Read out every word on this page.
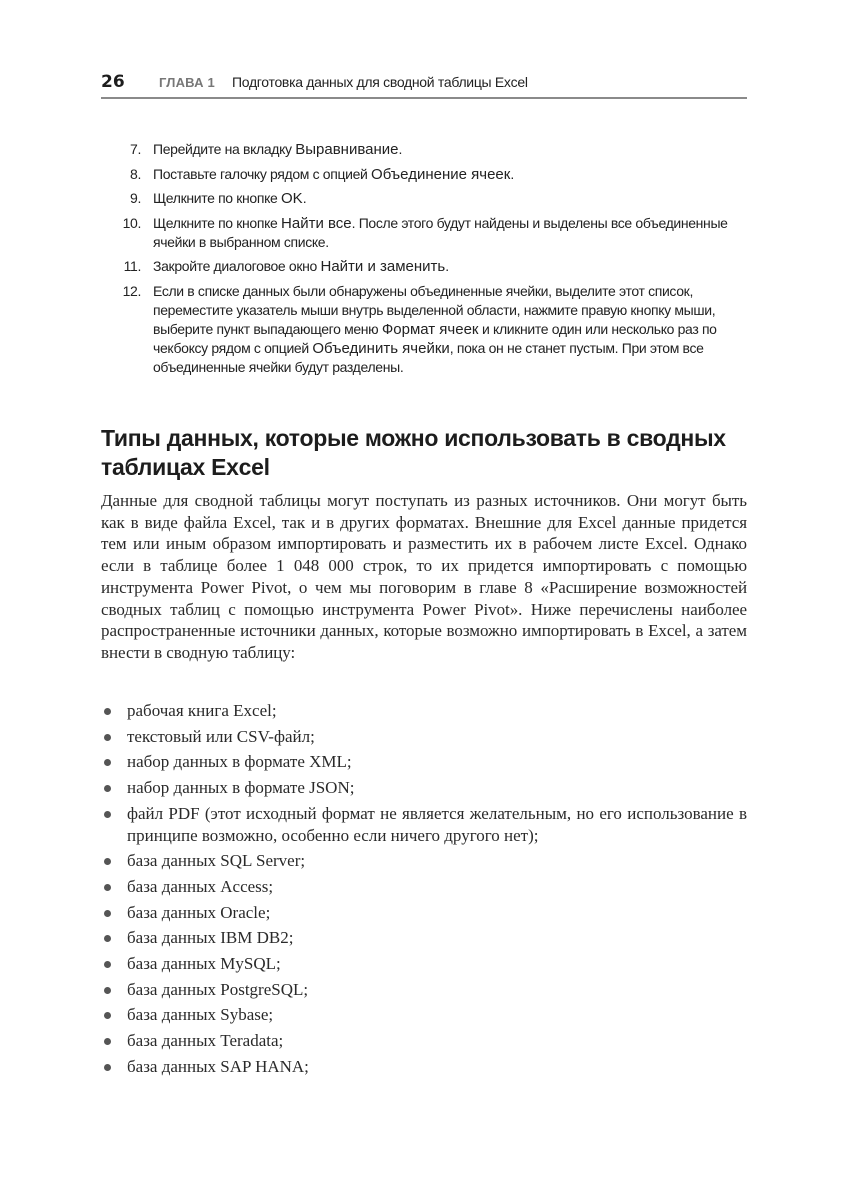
26	ГЛАВА 1 Подготовка данных для сводной таблицы Excel
7. Перейдите на вкладку Выравнивание.
8. Поставьте галочку рядом с опцией Объединение ячеек.
9. Щелкните по кнопке OK.
10. Щелкните по кнопке Найти все. После этого будут найдены и выделены все объединенные ячейки в выбранном списке.
11. Закройте диалоговое окно Найти и заменить.
12. Если в списке данных были обнаружены объединенные ячейки, выделите этот список, переместите указатель мыши внутрь выделенной области, нажмите правую кнопку мыши, выберите пункт выпадающего меню Формат ячеек и кликните один или несколько раз по чекбоксу рядом с опцией Объединить ячейки, пока он не станет пустым. При этом все объединенные ячейки будут разделены.
Типы данных, которые можно использовать в сводных таблицах Excel

Данные для сводной таблицы могут поступать из разных источников. Они могут быть как в виде файла Excel, так и в других форматах. Внешние для Excel данные придется тем или иным образом импортировать и разместить их в рабочем листе Excel. Однако если в таблице более 1 048 000 строк, то их придется импортировать с помощью инструмента Power Pivot, о чем мы поговорим в главе 8 «Расширение возможностей сводных таблиц с помощью инструмента Power Pivot». Ниже перечислены наиболее распространенные источники данных, которые возможно импортировать в Excel, а затем внести в сводную таблицу:

рабочая книга Excel;
текстовый или CSV-файл;
набор данных в формате XML;
набор данных в формате JSON;
файл PDF (этот исходный формат не является желательным, но его использование в принципе возможно, особенно если ничего другого нет);
база данных SQL Server;
база данных Access;
база данных Oracle;
база данных IBM DB2;
база данных MySQL;
база данных PostgreSQL;
база данных Sybase;
база данных Teradata;
база данных SAP HANA;
